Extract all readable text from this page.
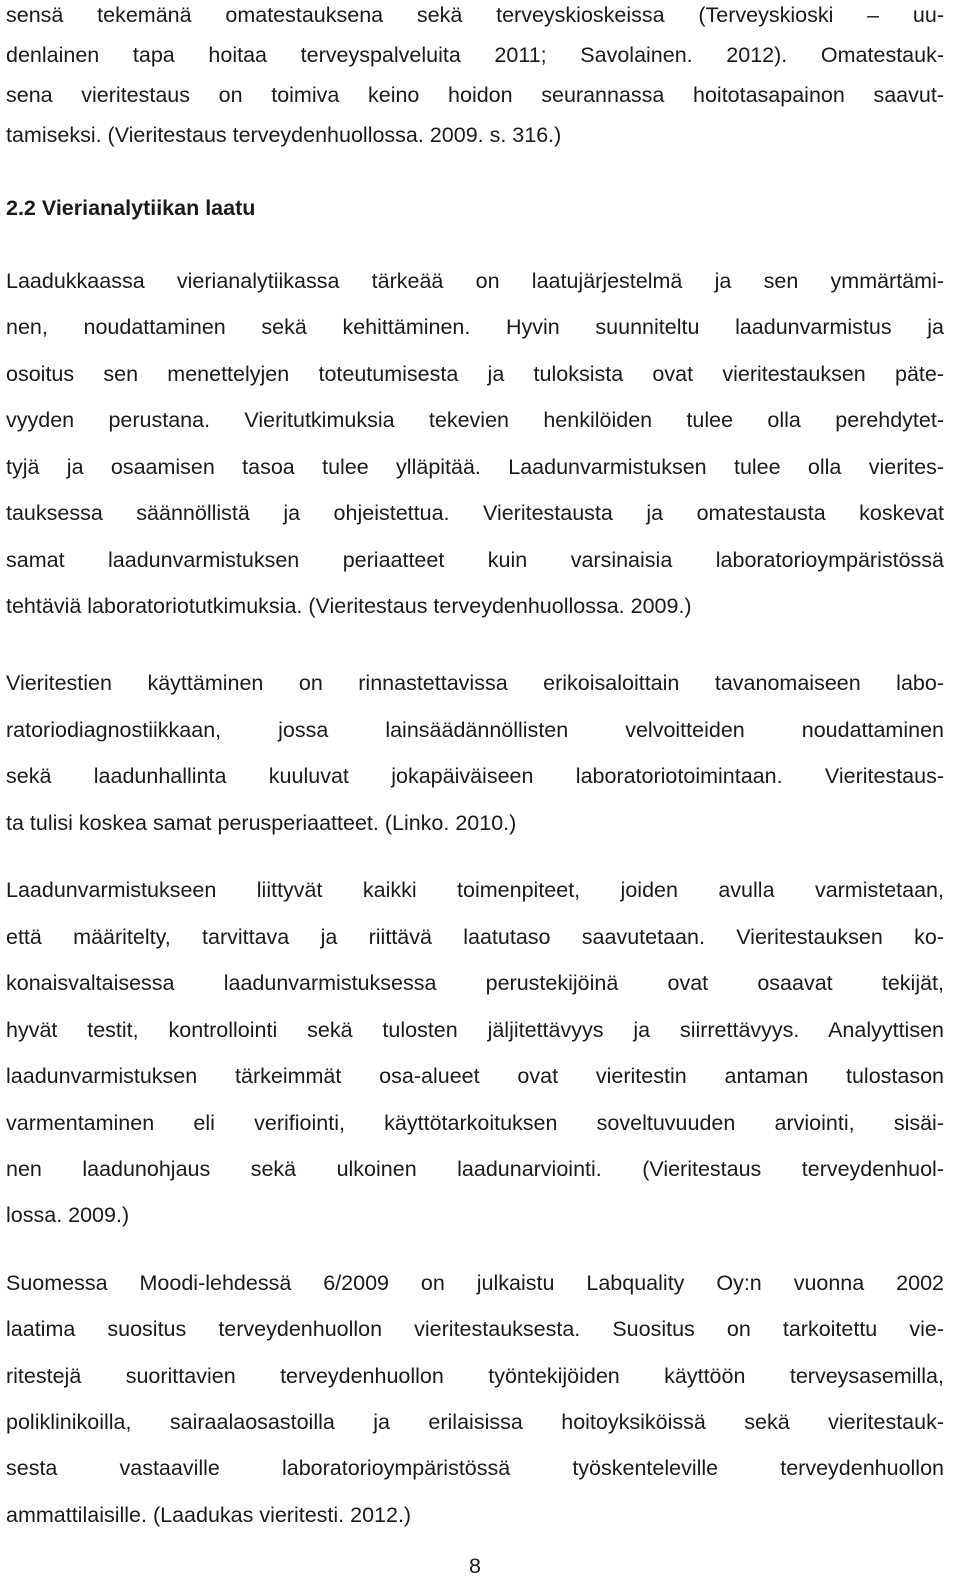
sensä tekemänä omatestauksena sekä terveyskioskeissa (Terveyskioski – uu-
denlainen tapa hoitaa terveyspalveluita 2011; Savolainen. 2012). Omatestauk-
sena vieritestaus on toimiva keino hoidon seurannassa hoitotasapainon saavut-
tamiseksi. (Vieritestaus terveydenhuollossa. 2009. s. 316.)
2.2 Vierianalytiikan laatu
Laadukkaassa vierianalytiikassa tärkeää on laatujärjestelmä ja sen ymmärtämi-
nen, noudattaminen sekä kehittäminen. Hyvin suunniteltu laadunvarmistus ja
osoitus sen menettelyjen toteutumisesta ja tuloksista ovat vieritestauksen päte-
vyyden perustana. Vieritutkimuksia tekevien henkilöiden tulee olla perehdytet-
tyjä ja osaamisen tasoa tulee ylläpitää. Laadunvarmistuksen tulee olla vierites-
tauksessa säännöllistä ja ohjeistettua. Vieritestausta ja omatestausta koskevat
samat laadunvarmistuksen periaatteet kuin varsinaisia laboratorioympäristössä
tehtäviä laboratoriotutkimuksia. (Vieritestaus terveydenhuollossa. 2009.)
Vieritestien käyttäminen on rinnastettavissa erikoisaloittain tavanomaiseen labo-
ratoriodiagnostiikkaan, jossa lainsäädännöllisten velvoitteiden noudattaminen
sekä laadunhallinta kuuluvat jokapäiväiseen laboratoriotoimintaan. Vieritestaus-
ta tulisi koskea samat perusperiaatteet. (Linko. 2010.)
Laadunvarmistukseen liittyvät kaikki toimenpiteet, joiden avulla varmistetaan,
että määritelty, tarvittava ja riittävä laatutaso saavutetaan. Vieritestauksen ko-
konaisvaltaisessa laadunvarmistuksessa perustekijöinä ovat osaavat tekijät,
hyvät testit, kontrollointi sekä tulosten jäljitettävyys ja siirrettävyys. Analyyttisen
laadunvarmistuksen tärkeimmät osa-alueet ovat vieritestin antaman tulostason
varmentaminen eli verifiointi, käyttötarkoituksen soveltuvuuden arviointi, sisäi-
nen laadunohjaus sekä ulkoinen laadunarviointi. (Vieritestaus terveydenhuol-
lossa. 2009.)
Suomessa Moodi-lehdessä 6/2009 on julkaistu Labquality Oy:n vuonna 2002
laatima suositus terveydenhuollon vieritestauksesta. Suositus on tarkoitettu vie-
ritestejä suorittavien terveydenhuollon työntekijöiden käyttöön terveysasemilla,
poliklinikoilla, sairaalaosastoilla ja erilaisissa hoitoyksiköissä sekä vieritestauk-
sesta vastaaville laboratorioympäristössä työskenteleville terveydenhuollon
ammattilaisille. (Laadukas vieritesti. 2012.)
8
